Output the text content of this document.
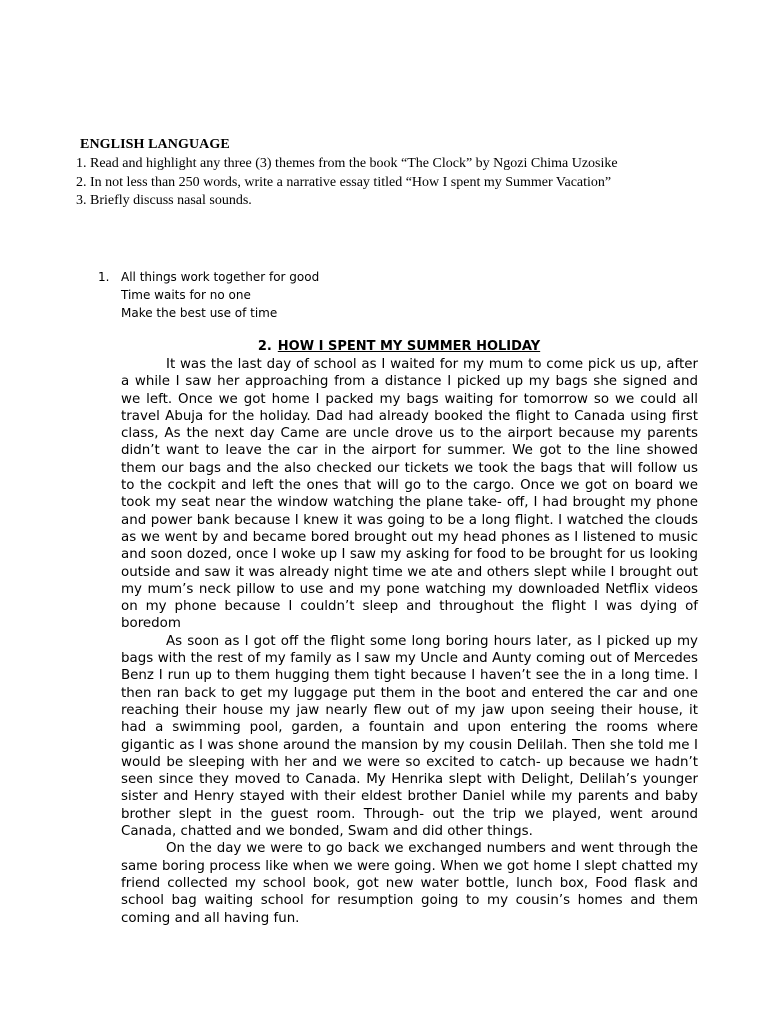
ENGLISH LANGUAGE
1. Read and highlight any three (3) themes from the book “The Clock” by Ngozi Chima Uzosike
2. In not less than 250 words, write a narrative essay titled “How I spent my Summer Vacation”
3. Briefly discuss nasal sounds.
1. All things work together for good
Time waits for no one
Make the best use of time
2. HOW I SPENT MY SUMMER HOLIDAY

It was the last day of school as I waited for my mum to come pick us up, after a while I saw her approaching from a distance I picked up my bags she signed and we left. Once we got home I packed my bags waiting for tomorrow so we could all travel Abuja for the holiday. Dad had already booked the flight to Canada using first class, As the next day Came are uncle drove us to the airport because my parents didn’t want to leave the car in the airport for summer. We got to the line showed them our bags and the also checked our tickets we took the bags that will follow us to the cockpit and left the ones that will go to the cargo. Once we got on board we took my seat near the window watching the plane take- off, I had brought my phone and power bank because I knew it was going to be a long flight. I watched the clouds as we went by and became bored brought out my head phones as I listened to music and soon dozed, once I woke up I saw my asking for food to be brought for us looking outside and saw it was already night time we ate and others slept while I brought out my mum’s neck pillow to use and my pone watching my downloaded Netflix videos on my phone because I couldn’t sleep and throughout the flight I was dying of boredom

As soon as I got off the flight some long boring hours later, as I picked up my bags with the rest of my family as I saw my Uncle and Aunty coming out of Mercedes Benz I run up to them hugging them tight because I haven’t see the in a long time. I then ran back to get my luggage put them in the boot and entered the car and one reaching their house my jaw nearly flew out of my jaw upon seeing their house, it had a swimming pool, garden, a fountain and upon entering the rooms where gigantic as I was shone around the mansion by my cousin Delilah. Then she told me I would be sleeping with her and we were so excited to catch- up because we hadn’t seen since they moved to Canada. My Henrika slept with Delight, Delilah’s younger sister and Henry stayed with their eldest brother Daniel while my parents and baby brother slept in the guest room. Through- out the trip we played, went around Canada, chatted and we bonded, Swam and did other things.

On the day we were to go back we exchanged numbers and went through the same boring process like when we were going. When we got home I slept chatted my friend collected my school book, got new water bottle, lunch box, Food flask and school bag waiting school for resumption going to my cousin’s homes and them coming and all having fun.
